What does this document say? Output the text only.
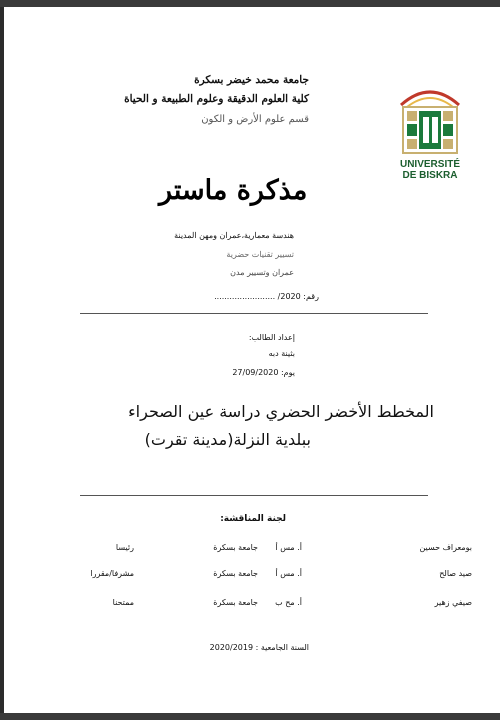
جامعة محمد خيضر بسكرة
كلية العلوم الدقيقة وعلوم الطبيعة و الحياة
قسم علوم الأرض و الكون
UNIVERSITÉ
DE BISKRA
مذكرة ماستر
هندسة معمارية،عمران ومهن المدينة
تسيير تقنيات حضرية
عمران وتسيير مدن
رقم: ........................ /2020
إعداد الطالب:
بثينة دبه
يوم: 27/09/2020
المخطط الأخضر الحضري دراسة عين الصحراء
ببلدية النزلة(مدينة تقرت)
لجنة المناقشة:
بومعراف حسين
أ. مس أ
جامعة بسكرة
رئيسا
صيد صالح
أ. مس أ
جامعة بسكرة
مشرفا/مقررا
صيفي زهير
أ. مح ب
جامعة بسكرة
ممتحنا
السنة الجامعية : 2020/2019
